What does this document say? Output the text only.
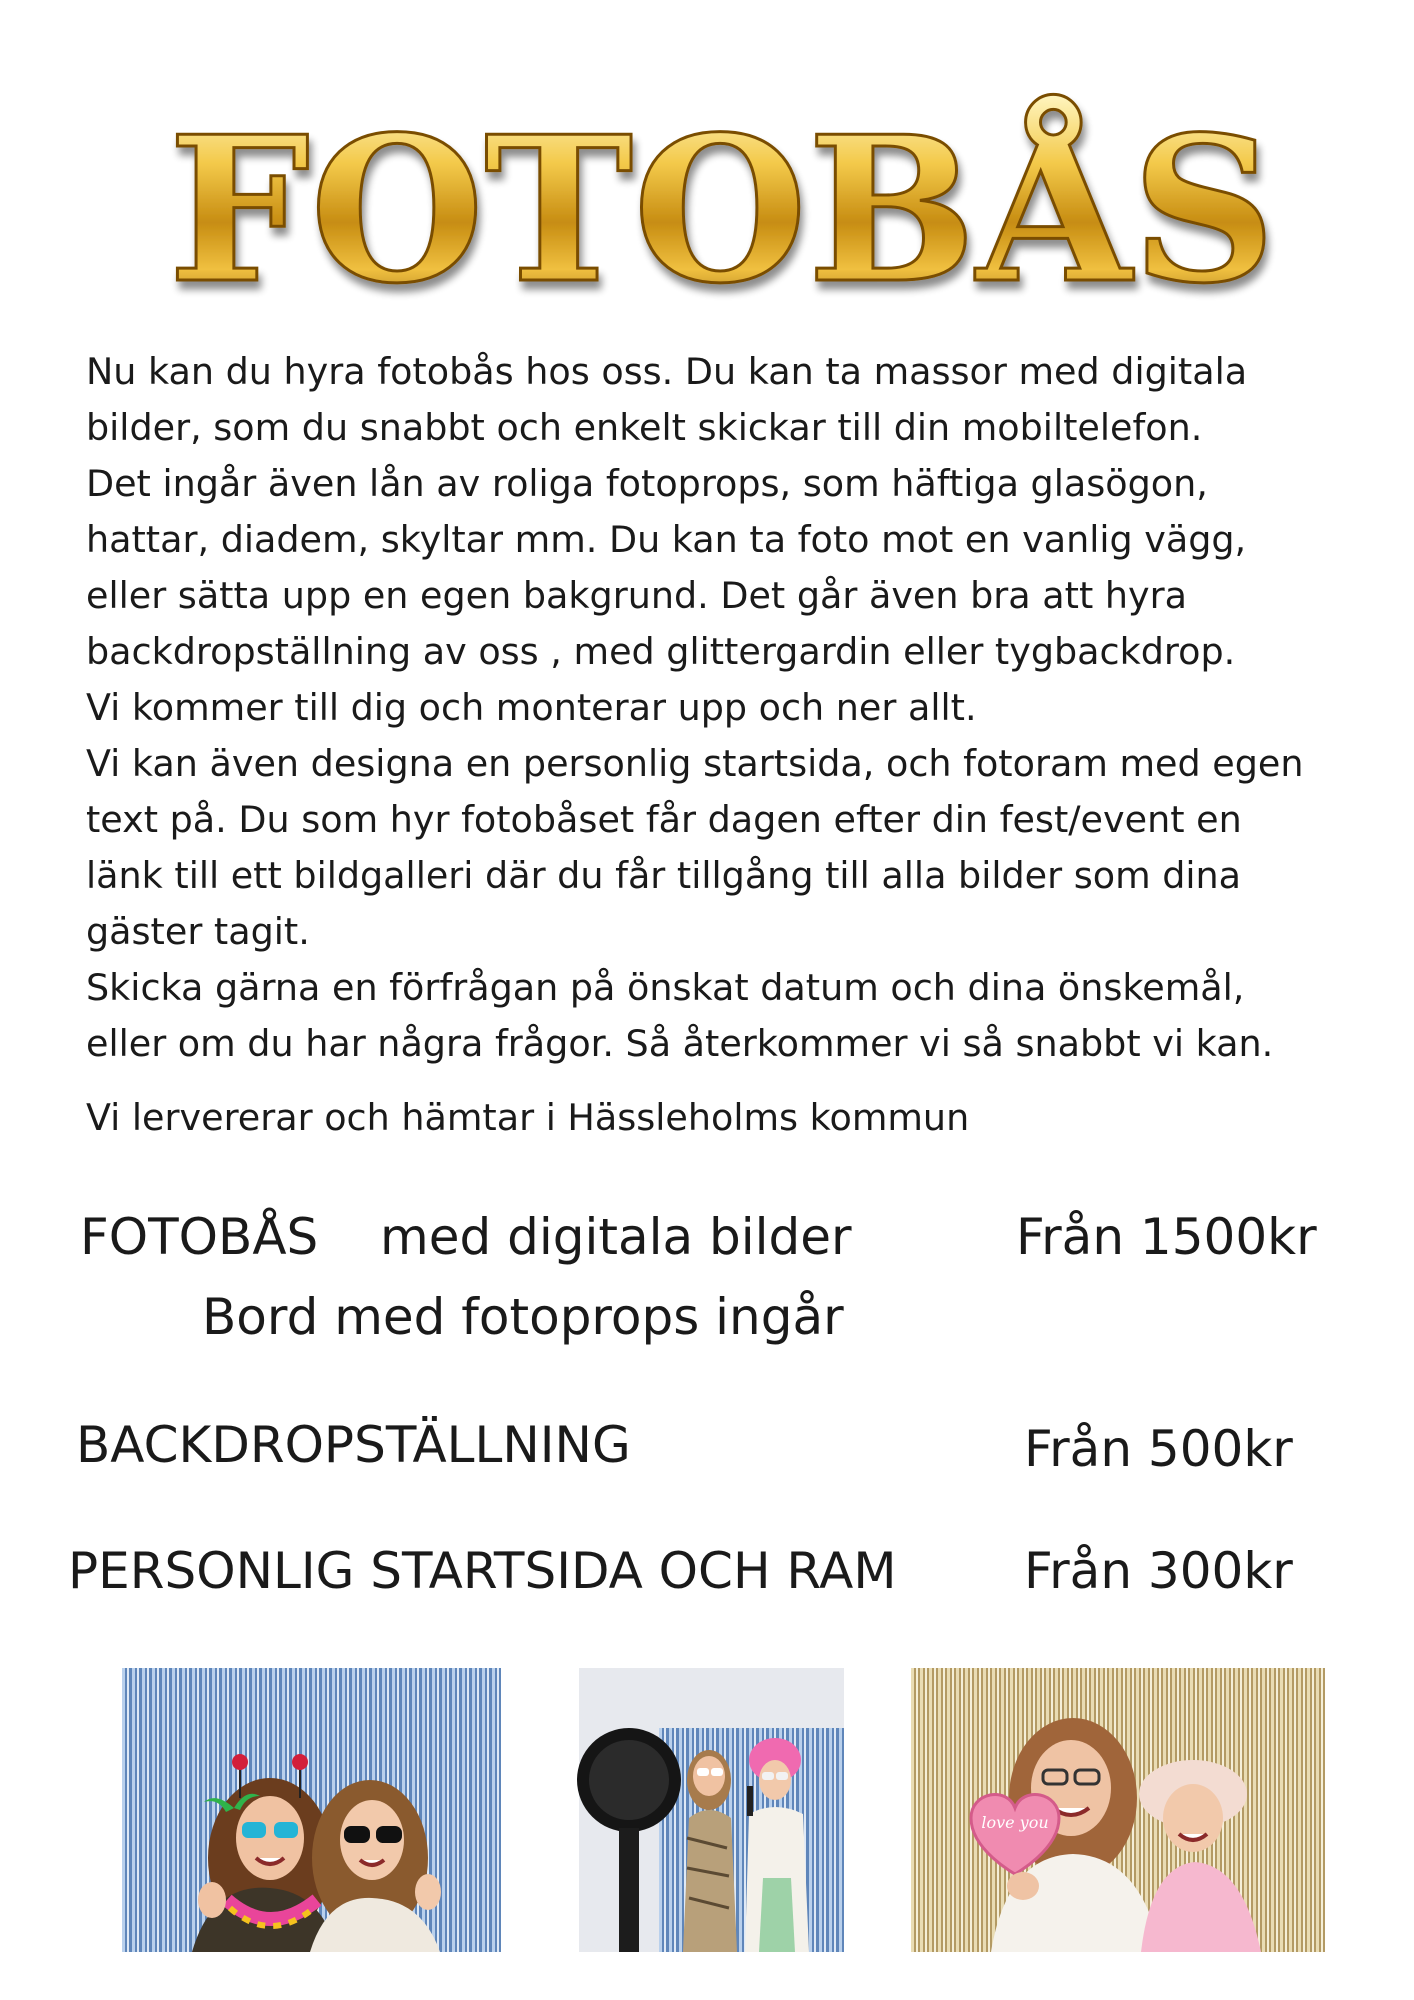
FOTOBÅS

Nu kan du hyra fotobås hos oss. Du kan ta massor med digitala

bilder, som du snabbt och enkelt skickar till din mobiltelefon.

Det ingår även lån av roliga fotoprops, som häftiga glasögon,

hattar, diadem, skyltar mm. Du kan ta foto mot en vanlig vägg,

eller sätta upp en egen bakgrund. Det går även bra att hyra

backdropställning av oss , med glittergardin eller tygbackdrop.

Vi kommer till dig och monterar upp och ner allt.

Vi kan även designa en personlig startsida, och fotoram med egen

text på. Du som hyr fotobåset får dagen efter din fest/event en

länk till ett bildgalleri där du får tillgång till alla bilder som dina

gäster tagit.

Skicka gärna en förfrågan på önskat datum och dina önskemål,

eller om du har några frågor. Så återkommer vi så snabbt vi kan.

Vi lervererar och hämtar i Hässleholms kommun

FOTOBÅS med digitala bilder	Från 1500kr
Bord med fotoprops ingår
BACKDROPSTÄLLNING	Från 500kr
PERSONLIG STARTSIDA OCH RAM	Från 300kr
love you
